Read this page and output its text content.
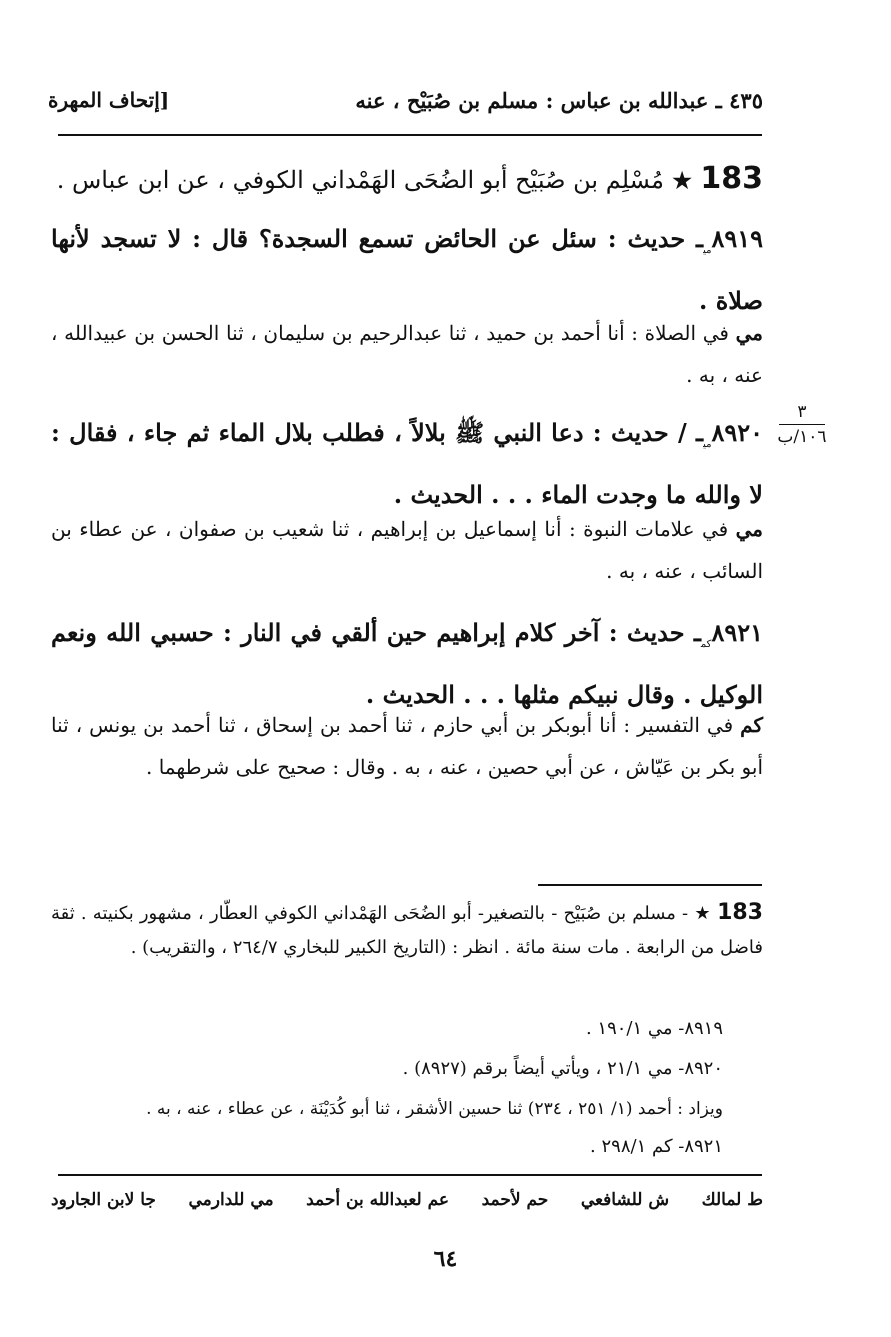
٤٣٥ ـ عبدالله بن عباس : مسلم بن صُبَيْح ، عنه
[إتحاف المهرة
183 ★ مُسْلِم بن صُبَيْح أبو الضُحَى الهَمْداني الكوفي ، عن ابن عباس .
$٨٩١٩_{مي}ـ$ حديث : سئل عن الحائض تسمع السجدة؟ قال : لا تسجد لأنها صلاة .
مي في الصلاة : أنا أحمد بن حميد ، ثنا عبدالرحيم بن سليمان ، ثنا الحسن بن عبيدالله ، عنه ، به .
٣
١٠٦/ب
$٨٩٢٠_{مي}ـ$ / حديث : دعا النبي ﷺ بلالاً ، فطلب بلال الماء ثم جاء ، فقال : لا والله ما وجدت الماء . . . الحديث .
مي في علامات النبوة : أنا إسماعيل بن إبراهيم ، ثنا شعيب بن صفوان ، عن عطاء بن السائب ، عنه ، به .
$٨٩٢١_{كم}ـ$ حديث : آخر كلام إبراهيم حين ألقي في النار : حسبي الله ونعم الوكيل . وقال نبيكم مثلها . . . الحديث .
كم في التفسير : أنا أبوبكر بن أبي حازم ، ثنا أحمد بن إسحاق ، ثنا أحمد بن يونس ، ثنا أبو بكر بن عَيّاش ، عن أبي حصين ، عنه ، به . وقال : صحيح على شرطهما .
183 ★ - مسلم بن صُبَيْح - بالتصغير- أبو الضُحَى الهَمْداني الكوفي العطّار ، مشهور بكنيته . ثقة فاضل من الرابعة . مات سنة مائة . انظر : (التاريخ الكبير للبخاري ٢٦٤/٧ ، والتقريب) .
٨٩١٩- مي ١٩٠/١ .
٨٩٢٠- مي ٢١/١ ، ويأتي أيضاً برقم (٨٩٢٧) .
ويزاد : أحمد (١/ ٢٥١ ، ٢٣٤) ثنا حسين الأشقر ، ثنا أبو كُدَيْنَة ، عن عطاء ، عنه ، به .
٨٩٢١- كم ٢٩٨/١ .
ط لمالك
ش للشافعي
حم لأحمد
عم لعبدالله بن أحمد
مي للدارمي
جا لابن الجارود
٦٤
